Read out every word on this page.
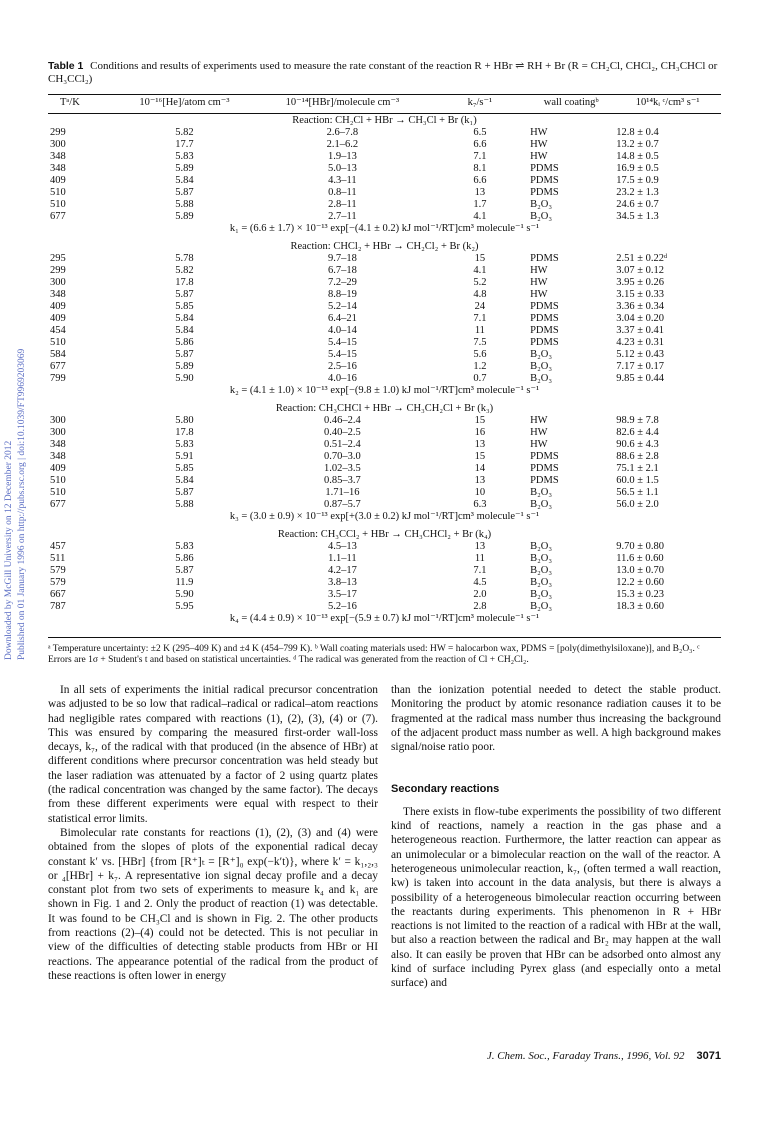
Downloaded by McGill University on 12 December 2012 Published on 01 January 1996 on http://pubs.rsc.org | doi:10.1039/FT9969203069
Table 1 Conditions and results of experiments used to measure the rate constant of the reaction R + HBr ⇌ RH + Br (R = CH₂Cl, CHCl₂, CH₃CHCl or CH₃CCl₂)
Tᵃ/K	10⁻¹⁶[He]/atom cm⁻³	10⁻¹⁴[HBr]/molecule cm⁻³	k₇/s⁻¹	wall coatingᵇ	10¹⁴kᵢ ᶜ/cm³ s⁻¹
Reaction: CH₂Cl + HBr → CH₃Cl + Br (k₁)					
299	5.82	2.6–7.8	6.5	HW	12.8 ± 0.4
300	17.7	2.1–6.2	6.6	HW	13.2 ± 0.7
348	5.83	1.9–13	7.1	HW	14.8 ± 0.5
348	5.89	5.0–13	8.1	PDMS	16.9 ± 0.5
409	5.84	4.3–11	6.6	PDMS	17.5 ± 0.9
510	5.87	0.8–11	13	PDMS	23.2 ± 1.3
510	5.88	2.8–11	1.7	B₂O₃	24.6 ± 0.7
677	5.89	2.7–11	4.1	B₂O₃	34.5 ± 1.3
k₁ = (6.6 ± 1.7) × 10⁻¹³ exp[−(4.1 ± 0.2) kJ mol⁻¹/RT]cm³ molecule⁻¹ s⁻¹					
Reaction: CHCl₂ + HBr → CH₂Cl₂ + Br (k₂)					
295	5.78	9.7–18	15	PDMS	2.51 ± 0.22ᵈ
299	5.82	6.7–18	4.1	HW	3.07 ± 0.12
300	17.8	7.2–29	5.2	HW	3.95 ± 0.26
348	5.87	8.8–19	4.8	HW	3.15 ± 0.33
409	5.85	5.2–14	24	PDMS	3.36 ± 0.34
409	5.84	6.4–21	7.1	PDMS	3.04 ± 0.20
454	5.84	4.0–14	11	PDMS	3.37 ± 0.41
510	5.86	5.4–15	7.5	PDMS	4.23 ± 0.31
584	5.87	5.4–15	5.6	B₂O₃	5.12 ± 0.43
677	5.89	2.5–16	1.2	B₂O₃	7.17 ± 0.17
799	5.90	4.0–16	0.7	B₂O₃	9.85 ± 0.44
k₂ = (4.1 ± 1.0) × 10⁻¹³ exp[−(9.8 ± 1.0) kJ mol⁻¹/RT]cm³ molecule⁻¹ s⁻¹					
Reaction: CH₃CHCl + HBr → CH₃CH₂Cl + Br (k₃)					
300	5.80	0.46–2.4	15	HW	98.9 ± 7.8
300	17.8	0.40–2.5	16	HW	82.6 ± 4.4
348	5.83	0.51–2.4	13	HW	90.6 ± 4.3
348	5.91	0.70–3.0	15	PDMS	88.6 ± 2.8
409	5.85	1.02–3.5	14	PDMS	75.1 ± 2.1
510	5.84	0.85–3.7	13	PDMS	60.0 ± 1.5
510	5.87	1.71–16	10	B₂O₃	56.5 ± 1.1
677	5.88	0.87–5.7	6.3	B₂O₃	56.0 ± 2.0
k₃ = (3.0 ± 0.9) × 10⁻¹³ exp[+(3.0 ± 0.2) kJ mol⁻¹/RT]cm³ molecule⁻¹ s⁻¹					
Reaction: CH₃CCl₂ + HBr → CH₃CHCl₂ + Br (k₄)					
457	5.83	4.5–13	13	B₂O₃	9.70 ± 0.80
511	5.86	1.1–11	11	B₂O₃	11.6 ± 0.60
579	5.87	4.2–17	7.1	B₂O₃	13.0 ± 0.70
579	11.9	3.8–13	4.5	B₂O₃	12.2 ± 0.60
667	5.90	3.5–17	2.0	B₂O₃	15.3 ± 0.23
787	5.95	5.2–16	2.8	B₂O₃	18.3 ± 0.60
k₄ = (4.4 ± 0.9) × 10⁻¹³ exp[−(5.9 ± 0.7) kJ mol⁻¹/RT]cm³ molecule⁻¹ s⁻¹					
ᵃ Temperature uncertainty: ±2 K (295–409 K) and ±4 K (454–799 K). ᵇ Wall coating materials used: HW = halocarbon wax, PDMS = [poly(dimethylsiloxane)], and B₂O₃. ᶜ Errors are 1σ + Student's t and based on statistical uncertainties. ᵈ The radical was generated from the reaction of Cl + CH₂Cl₂.

In all sets of experiments the initial radical precursor concentration was adjusted to be so low that radical–radical or radical–atom reactions had negligible rates compared with reactions (1), (2), (3), (4) or (7). This was ensured by comparing the measured first-order wall-loss decays, k₇, of the radical with that produced (in the absence of HBr) at different conditions where precursor concentration was held steady but the laser radiation was attenuated by a factor of 2 using quartz plates (the radical concentration was changed by the same factor). The decays from these different experiments were equal with respect to their statistical error limits.

Bimolecular rate constants for reactions (1), (2), (3) and (4) were obtained from the slopes of plots of the exponential radical decay constant k′ vs. [HBr] {from [R⁺]ₜ = [R⁺]₀ exp(−k′t)}, where k′ = k₁,₂,₃ or ₄[HBr] + k₇. A representative ion signal decay profile and a decay constant plot from two sets of experiments to measure k₄ and k₁ are shown in Fig. 1 and 2. Only the product of reaction (1) was detectable. It was found to be CH₃Cl and is shown in Fig. 2. The other products from reactions (2)–(4) could not be detected. This is not peculiar in view of the difficulties of detecting stable products from HBr or HI reactions. The appearance potential of the radical from the product of these reactions is often lower in energy

than the ionization potential needed to detect the stable product. Monitoring the product by atomic resonance radiation causes it to be fragmented at the radical mass number thus increasing the background of the adjacent product mass number as well. A high background makes signal/noise ratio poor.

Secondary reactions

There exists in flow-tube experiments the possibility of two different kind of reactions, namely a reaction in the gas phase and a heterogeneous reaction. Furthermore, the latter reaction can appear as an unimolecular or a bimolecular reaction on the wall of the reactor. A heterogeneous unimolecular reaction, k₇, (often termed a wall reaction, kw) is taken into account in the data analysis, but there is always a possibility of a heterogeneous bimolecular reaction occurring between the reactants during experiments. This phenomenon in R + HBr reactions is not limited to the reaction of a radical with HBr at the wall, but also a reaction between the radical and Br₂ may happen at the wall also. It can easily be proven that HBr can be adsorbed onto almost any kind of surface including Pyrex glass (and especially onto a metal surface) and

J. Chem. Soc., Faraday Trans., 1996, Vol. 92 3071
